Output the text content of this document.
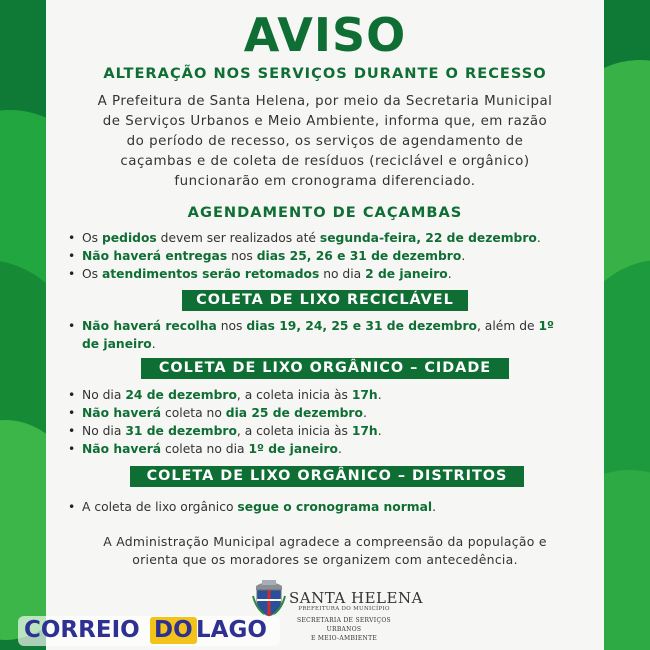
AVISO
ALTERAÇÃO NOS SERVIÇOS DURANTE O RECESSO
A Prefeitura de Santa Helena, por meio da Secretaria Municipal
de Serviços Urbanos e Meio Ambiente, informa que, em razão
do período de recesso, os serviços de agendamento de
caçambas e de coleta de resíduos (reciclável e orgânico)
funcionarão em cronograma diferenciado.
AGENDAMENTO DE CAÇAMBAS
• Os pedidos devem ser realizados até segunda-feira, 22 de dezembro.
• Não haverá entregas nos dias 25, 26 e 31 de dezembro.
• Os atendimentos serão retomados no dia 2 de janeiro.
COLETA DE LIXO RECICLÁVEL
• Não haverá recolha nos dias 19, 24, 25 e 31 de dezembro, além de 1º de janeiro.
COLETA DE LIXO ORGÂNICO – CIDADE
• No dia 24 de dezembro, a coleta inicia às 17h.
• Não haverá coleta no dia 25 de dezembro.
• No dia 31 de dezembro, a coleta inicia às 17h.
• Não haverá coleta no dia 1º de janeiro.
COLETA DE LIXO ORGÂNICO – DISTRITOS
• A coleta de lixo orgânico segue o cronograma normal.
A Administração Municipal agradece a compreensão da população e
orienta que os moradores se organizem com antecedência.
SANTA HELENA
PREFEITURA DO MUNICÍPIO
SECRETARIA DE SERVIÇOS URBANOS
E MEIO-AMBIENTE
CORREIO DO LAGO
